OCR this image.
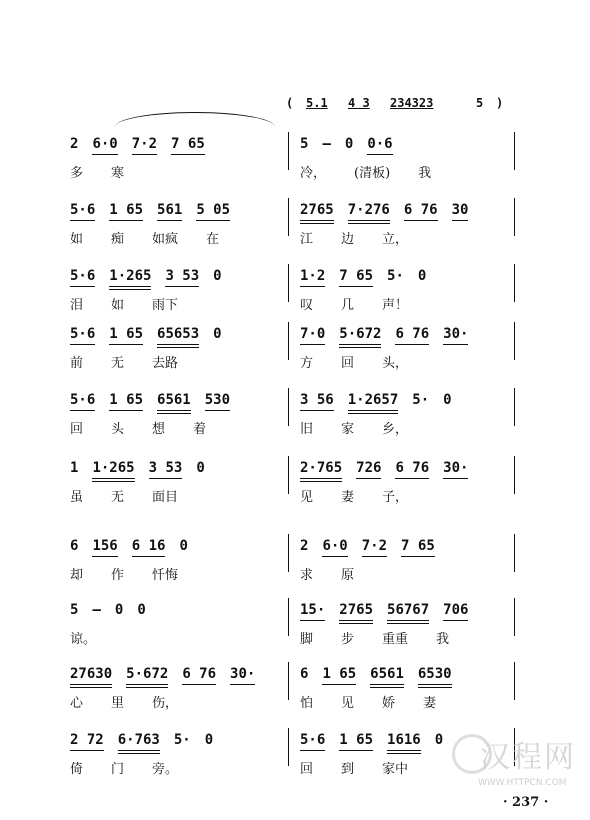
( 5.1 4 3 234323	5 )
2 6·0 7·2 7 65
多 寒
5 – 0 0·6
冷， (清板) 我
5·6 1 65 561 5 05
如 痴 如疯 在
2765 7·276 6 76 30
江 边 立，
5·6 1·265 3 53 0
泪 如 雨下
1·2 7 65 5· 0
叹 几 声！
5·6 1 65 65653 0
前 无 去路
7·0 5·672 6 76 30·
方 回 头，
5·6 1 65 6561 530
回 头 想 着
3 56 1·2657 5· 0
旧 家 乡，
1 1·265 3 53 0
虽 无 面目
2·765 726 6 76 30·
见 妻 子，
6 156 6 16 0
却 作 忏悔
2 6·0 7·2 7 65
求 原
5 – 0 0
谅。
15· 2765 56767 706
脚 步 重重 我
27630 5·672 6 76 30·
心 里 伤，
6 1 65 6561 6530
怕 见 娇 妻
2 72 6·763 5· 0
倚 门 旁。
5·6 1 65 1616 0
回 到 家中
· 237 ·
汉程网
WWW.HTTPCN.COM
